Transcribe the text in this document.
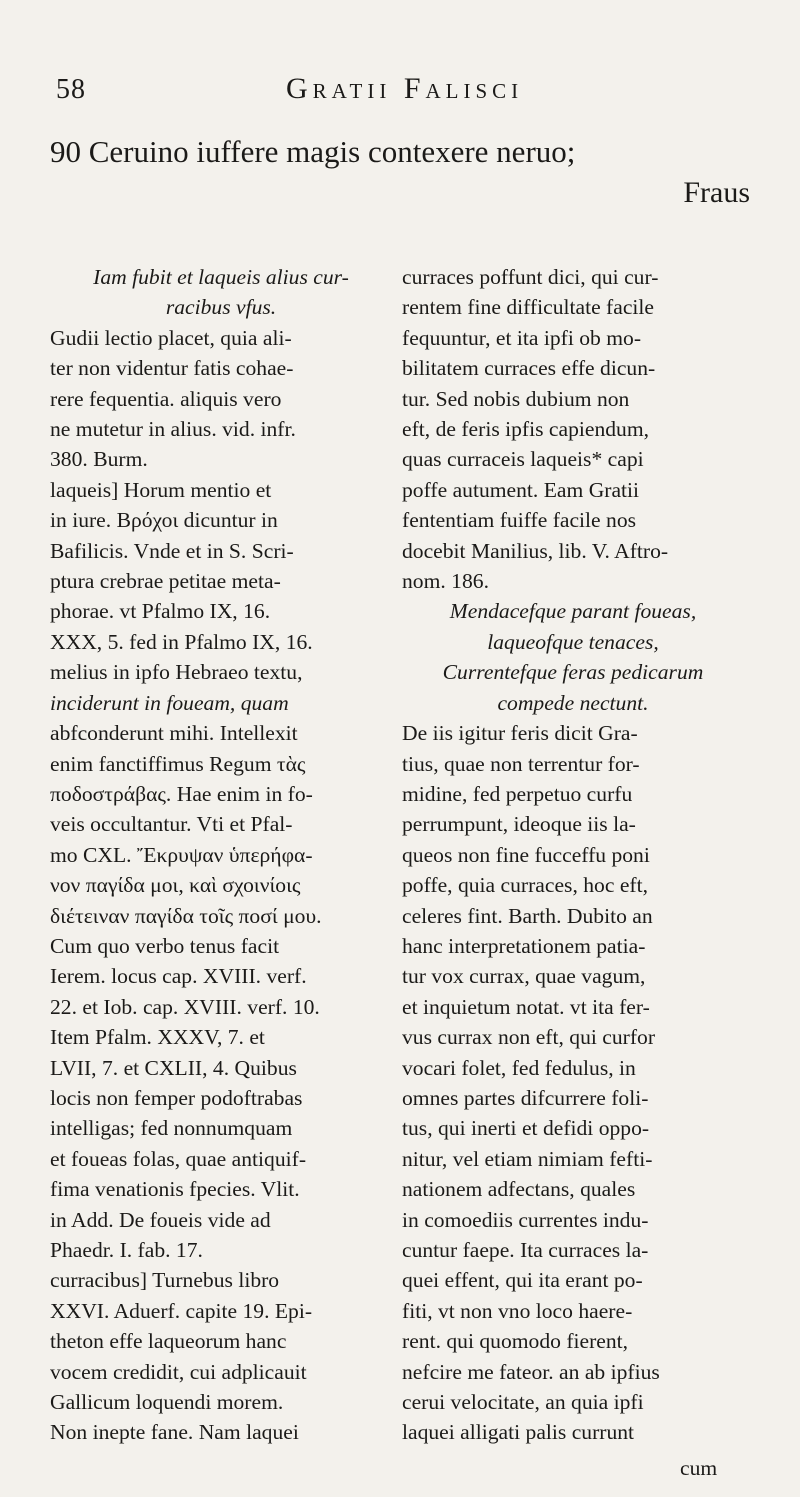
58	Gratii Falisci
90 Ceruino iuffere magis contexere neruo;
Fraus

Iam fubit et laqueis alius cur-

racibus vfus.

Gudii lectio placet, quia ali-

ter non videntur fatis cohae-

rere fequentia. aliquis vero

ne mutetur in alius. vid. infr.

380. Burm.

laqueis] Horum mentio et

in iure. Βρόχοι dicuntur in

Bafilicis. Vnde et in S. Scri-

ptura crebrae petitae meta-

phorae. vt Pfalmo IX, 16.

XXX, 5. fed in Pfalmo IX, 16.

melius in ipfo Hebraeo textu,

inciderunt in foueam, quam

abfconderunt mihi. Intellexit

enim fanctiffimus Regum τὰς

ποδοστράβας. Hae enim in fo-

veis occultantur. Vti et Pfal-

mo CXL. Ἔκρυψαν ὑπερήφα-

νον παγίδα μοι, καὶ σχοινίοις

διέτειναν παγίδα τοῖς ποσί μου.

Cum quo verbo tenus facit

Ierem. locus cap. XVIII. verf.

22. et Iob. cap. XVIII. verf. 10.

Item Pfalm. XXXV, 7. et

LVII, 7. et CXLII, 4. Quibus

locis non femper podoftrabas

intelligas; fed nonnumquam

et foueas folas, quae antiquif-

fima venationis fpecies. Vlit.

in Add. De foueis vide ad

Phaedr. I. fab. 17.

curracibus] Turnebus libro

XXVI. Aduerf. capite 19. Epi-

theton effe laqueorum hanc

vocem credidit, cui adplicauit

Gallicum loquendi morem.

Non inepte fane. Nam laquei

curraces poffunt dici, qui cur-

rentem fine difficultate facile

fequuntur, et ita ipfi ob mo-

bilitatem curraces effe dicun-

tur. Sed nobis dubium non

eft, de feris ipfis capiendum,

quas curraceis laqueis* capi

poffe autument. Eam Gratii

fententiam fuiffe facile nos

docebit Manilius, lib. V. Aftro-

nom. 186.

Mendacefque parant foueas,

laqueofque tenaces,

Currentefque feras pedicarum

compede nectunt.

De iis igitur feris dicit Gra-

tius, quae non terrentur for-

midine, fed perpetuo curfu

perrumpunt, ideoque iis la-

queos non fine fucceffu poni

poffe, quia curraces, hoc eft,

celeres fint. Barth. Dubito an

hanc interpretationem patia-

tur vox currax, quae vagum,

et inquietum notat. vt ita fer-

vus currax non eft, qui curfor

vocari folet, fed fedulus, in

omnes partes difcurrere foli-

tus, qui inerti et defidi oppo-

nitur, vel etiam nimiam fefti-

nationem adfectans, quales

in comoediis currentes indu-

cuntur faepe. Ita curraces la-

quei effent, qui ita erant po-

fiti, vt non vno loco haere-

rent. qui quomodo fierent,

nefcire me fateor. an ab ipfius

cerui velocitate, an quia ipfi

laquei alligati palis currunt

cum
